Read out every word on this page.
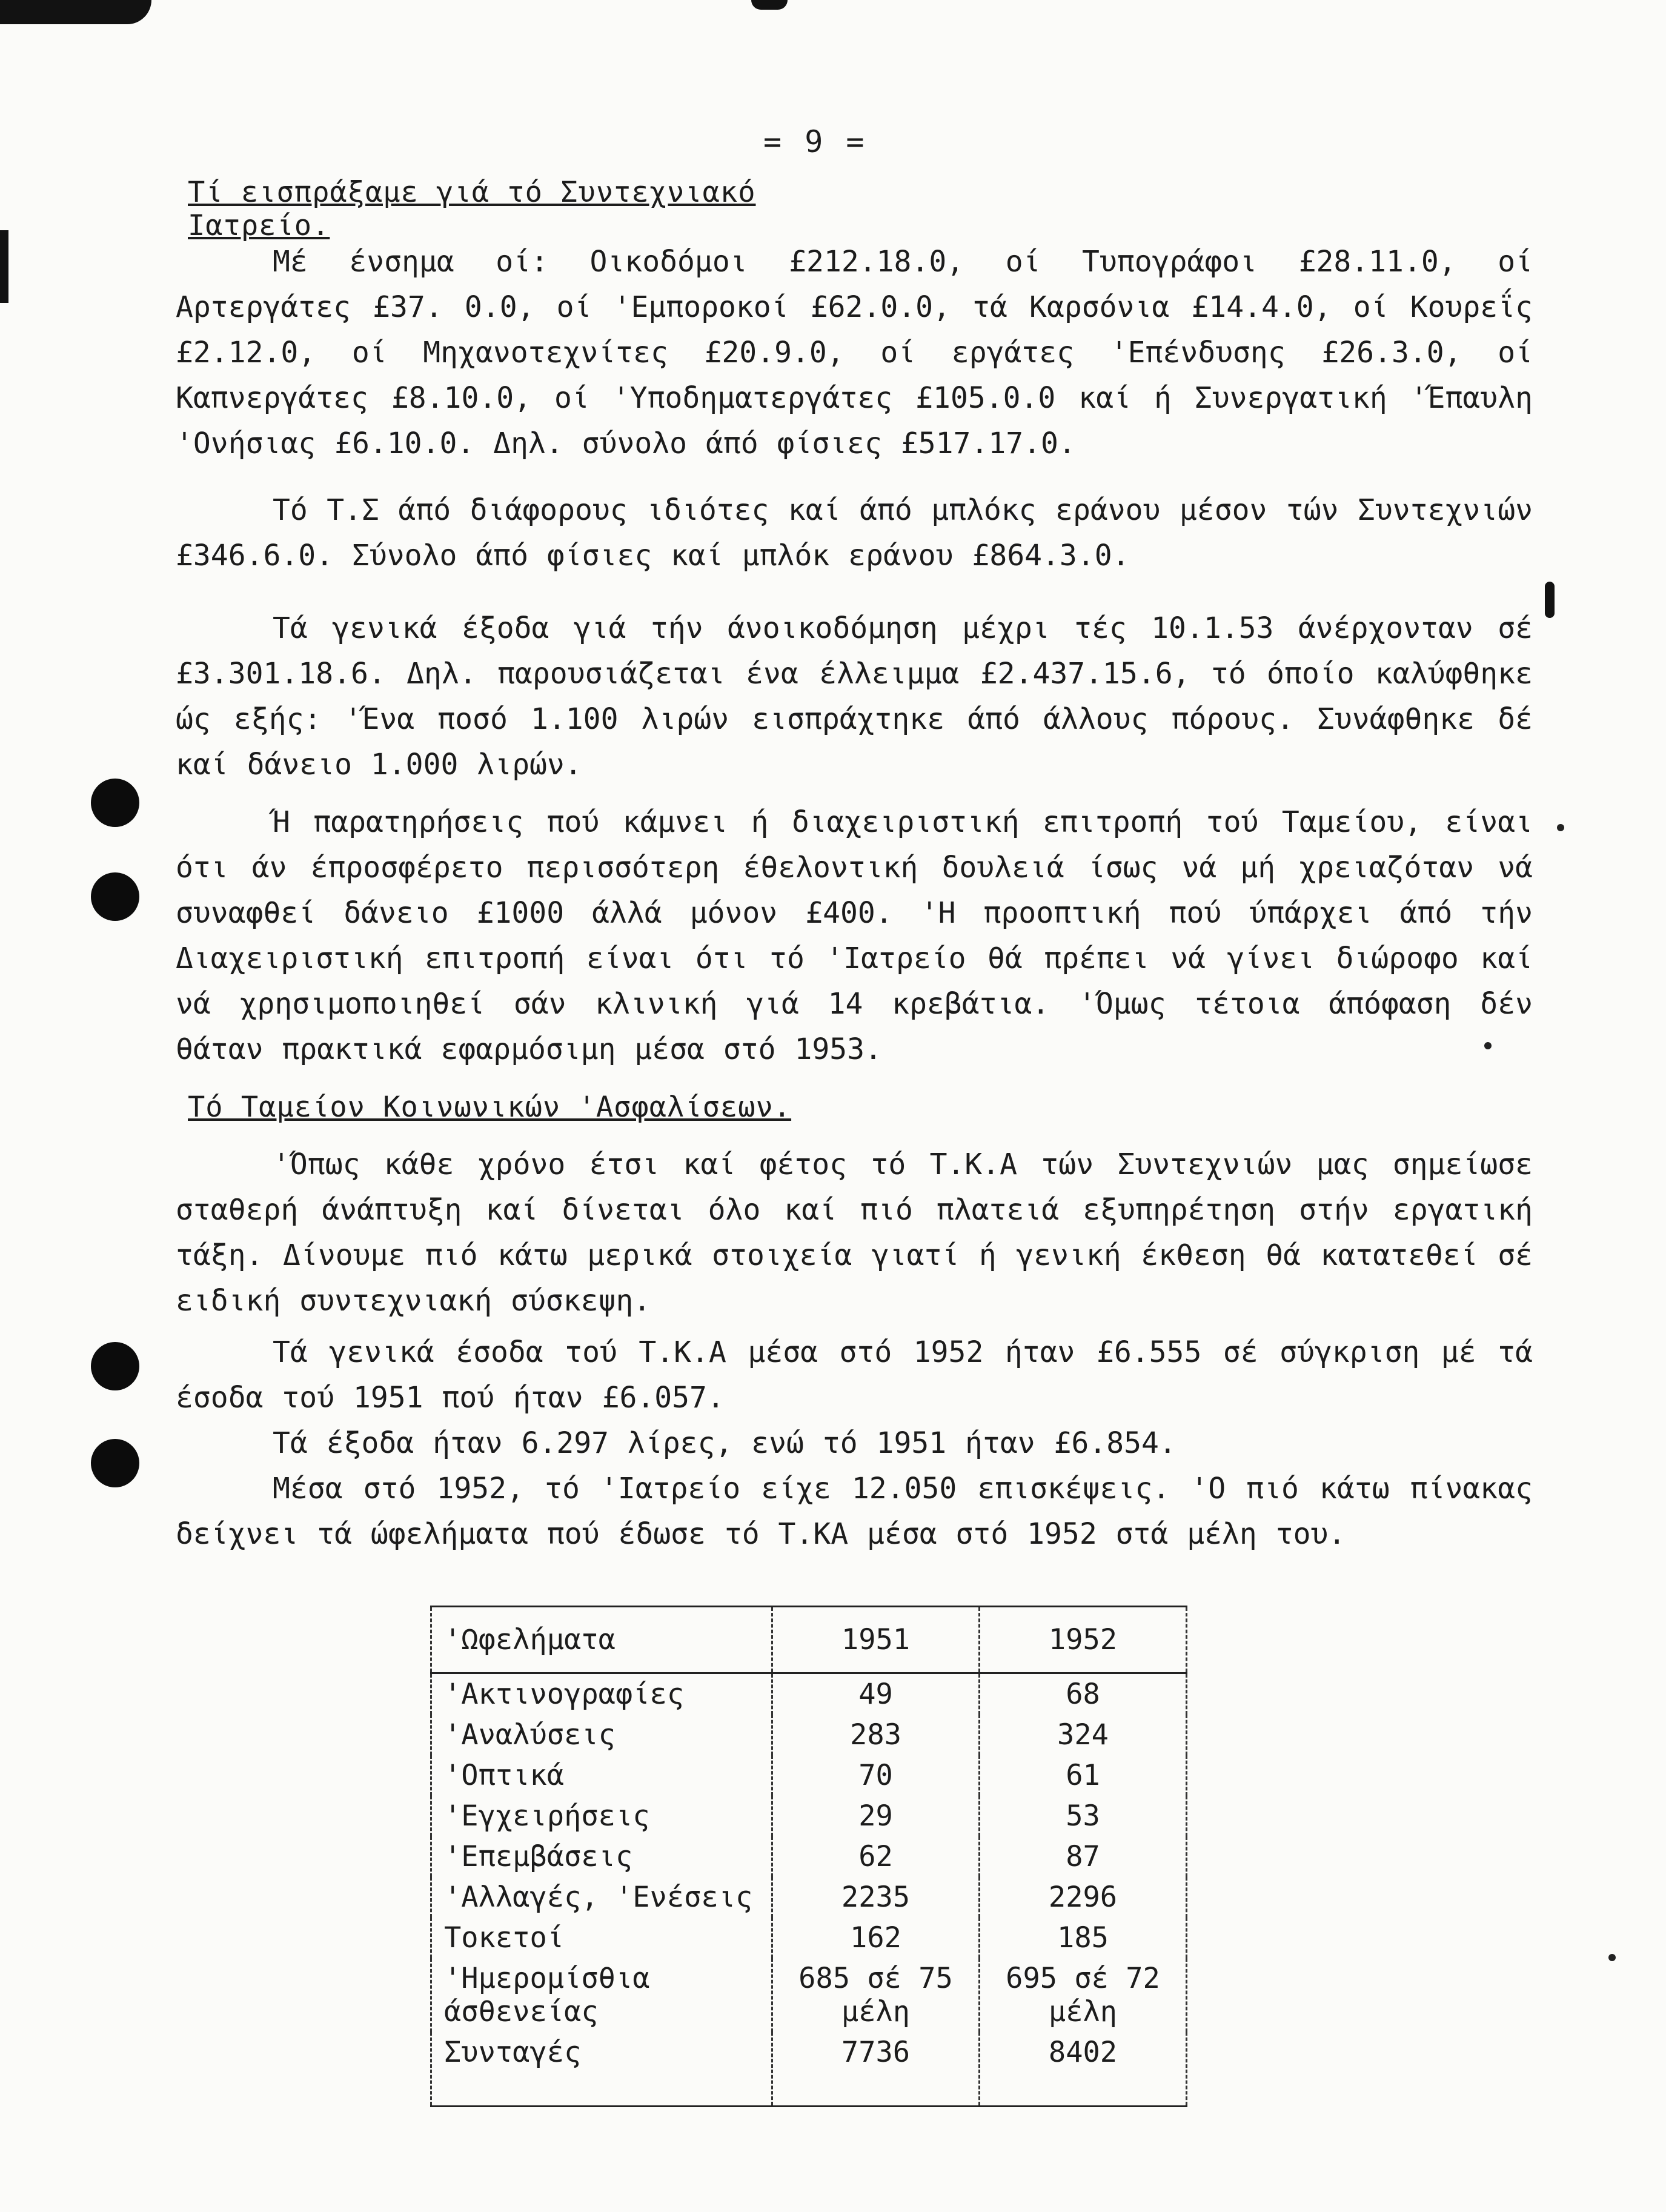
= 9 =
Τί εισπράξαμε γιά τό Συντεχνιακό
Ιατρείο.

Μέ ένσημα οί: Οικοδόμοι £212.18.0, οί Τυπογράφοι £28.11.0, οί Αρτεργάτες £37. 0.0, οί 'Εμποροκοί £62.0.0, τά Καρσόνια £14.4.0, οί Κουρεΐς £2.12.0, οί Μηχανοτεχνίτες £20.9.0, οί εργάτες 'Επένδυσης £26.3.0, οί Καπνεργάτες £8.10.0, οί 'Υποδηματεργάτες £105.0.0 καί ή Συνεργατική 'Έπαυλη 'Ονήσιας £6.10.0. Δηλ. σύνολο άπό φίσιες £517.17.0.

Τό Τ.Σ άπό διάφορους ιδιότες καί άπό μπλόκς εράνου μέσον τών Συντεχνιών £346.6.0. Σύνολο άπό φίσιες καί μπλόκ εράνου £864.3.0.

Τά γενικά έξοδα γιά τήν άνοικοδόμηση μέχρι τές 10.1.53 άνέρχονταν σέ £3.301.18.6. Δηλ. παρουσιάζεται ένα έλλειμμα £2.437.15.6, τό όποίο καλύφθηκε ώς εξής: 'Ένα ποσό 1.100 λιρών εισπράχτηκε άπό άλλους πόρους. Συνάφθηκε δέ καί δάνειο 1.000 λιρών.

Ή παρατηρήσεις πού κάμνει ή διαχειριστική επιτροπή τού Ταμείου, είναι ότι άν έπροσφέρετο περισσότερη έθελοντική δουλειά ίσως νά μή χρειαζόταν νά συναφθεί δάνειο £1000 άλλά μόνον £400. 'Η προοπτική πού ύπάρχει άπό τήν Διαχειριστική επιτροπή είναι ότι τό 'Ιατρείο θά πρέπει νά γίνει διώροφο καί νά χρησιμοποιηθεί σάν κλινική γιά 14 κρεβάτια. 'Όμως τέτοια άπόφαση δέν θάταν πρακτικά εφαρμόσιμη μέσα στό 1953.

Τό Ταμείον Κοινωνικών 'Ασφαλίσεων.

'Όπως κάθε χρόνο έτσι καί φέτος τό Τ.Κ.Α τών Συντεχνιών μας σημείωσε σταθερή άνάπτυξη καί δίνεται όλο καί πιό πλατειά εξυπηρέτηση στήν εργατική τάξη. Δίνουμε πιό κάτω μερικά στοιχεία γιατί ή γενική έκθεση θά κατατεθεί σέ ειδική συντεχνιακή σύσκεψη.

Τά γενικά έσοδα τού Τ.Κ.Α μέσα στό 1952 ήταν £6.555 σέ σύγκριση μέ τά έσοδα τού 1951 πού ήταν £6.057.

Τά έξοδα ήταν 6.297 λίρες, ενώ τό 1951 ήταν £6.854.

Μέσα στό 1952, τό 'Ιατρείο είχε 12.050 επισκέψεις. 'Ο πιό κάτω πίνακας δείχνει τά ώφελήματα πού έδωσε τό Τ.ΚΑ μέσα στό 1952 στά μέλη του.

'Ωφελήματα	1951	1952
'Ακτινογραφίες	49	68
'Αναλύσεις	283	324
'Οπτικά	70	61
'Εγχειρήσεις	29	53
'Επεμβάσεις	62	87
'Αλλαγές, 'Ενέσεις	2235	2296
Τοκετοί	162	185
'Ημερομίσθια άσθενείας	685 σέ 75 μέλη	695 σέ 72 μέλη
Συνταγές	7736	8402
